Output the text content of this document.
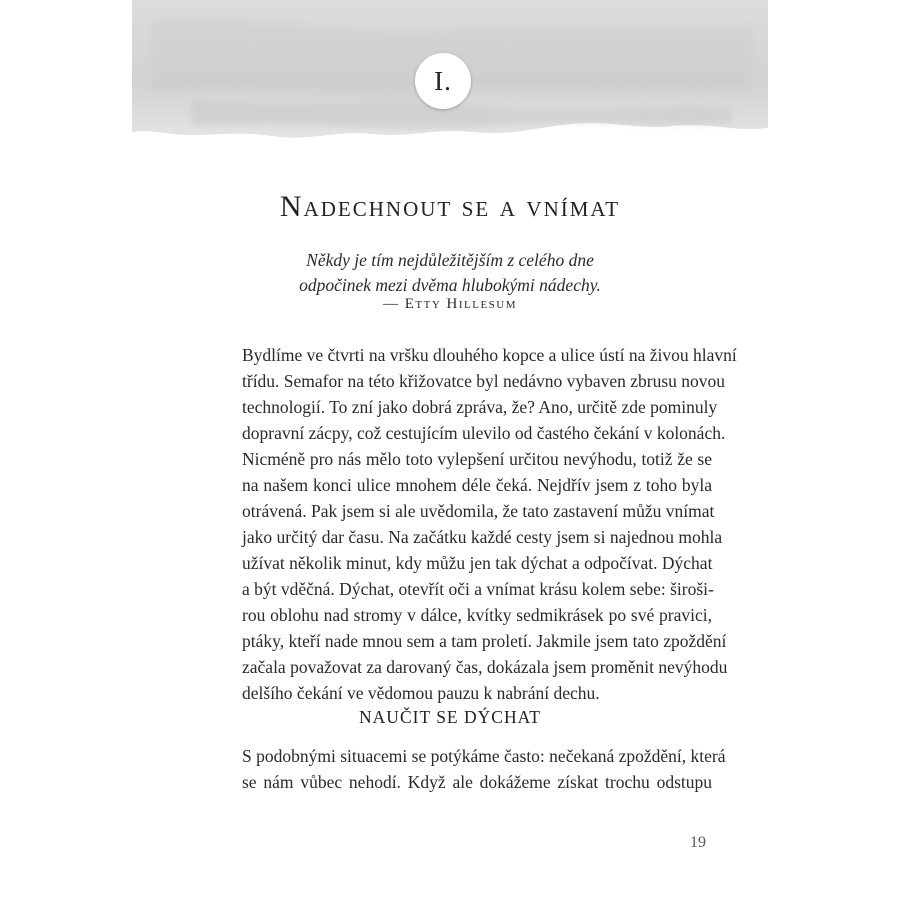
I.
Nadechnout se a vnímat
Někdy je tím nejdůležitějším z celého dne
odpočinek mezi dvěma hlubokými nádechy.
— Etty Hillesum
Bydlíme ve čtvrti na vršku dlouhého kopce a ulice ústí na živou hlavní
třídu. Semafor na této křižovatce byl nedávno vybaven zbrusu novou
technologií. To zní jako dobrá zpráva, že? Ano, určitě zde pominuly
dopravní zácpy, což cestujícím ulevilo od častého čekání v kolonách.
Nicméně pro nás mělo toto vylepšení určitou nevýhodu, totiž že se
na našem konci ulice mnohem déle čeká. Nejdřív jsem z toho byla
otrávená. Pak jsem si ale uvědomila, že tato zastavení můžu vnímat
jako určitý dar času. Na začátku každé cesty jsem si najednou mohla
užívat několik minut, kdy můžu jen tak dýchat a odpočívat. Dýchat
a být vděčná. Dýchat, otevřít oči a vnímat krásu kolem sebe: široši-
rou oblohu nad stromy v dálce, kvítky sedmikrásek po své pravici,
ptáky, kteří nade mnou sem a tam proletí. Jakmile jsem tato zpoždění
začala považovat za darovaný čas, dokázala jsem proměnit nevýhodu
delšího čekání ve vědomou pauzu k nabrání dechu.
NAUČIT SE DÝCHAT
S podobnými situacemi se potýkáme často: nečekaná zpoždění, která
se nám vůbec nehodí. Když ale dokážeme získat trochu odstupu
19
